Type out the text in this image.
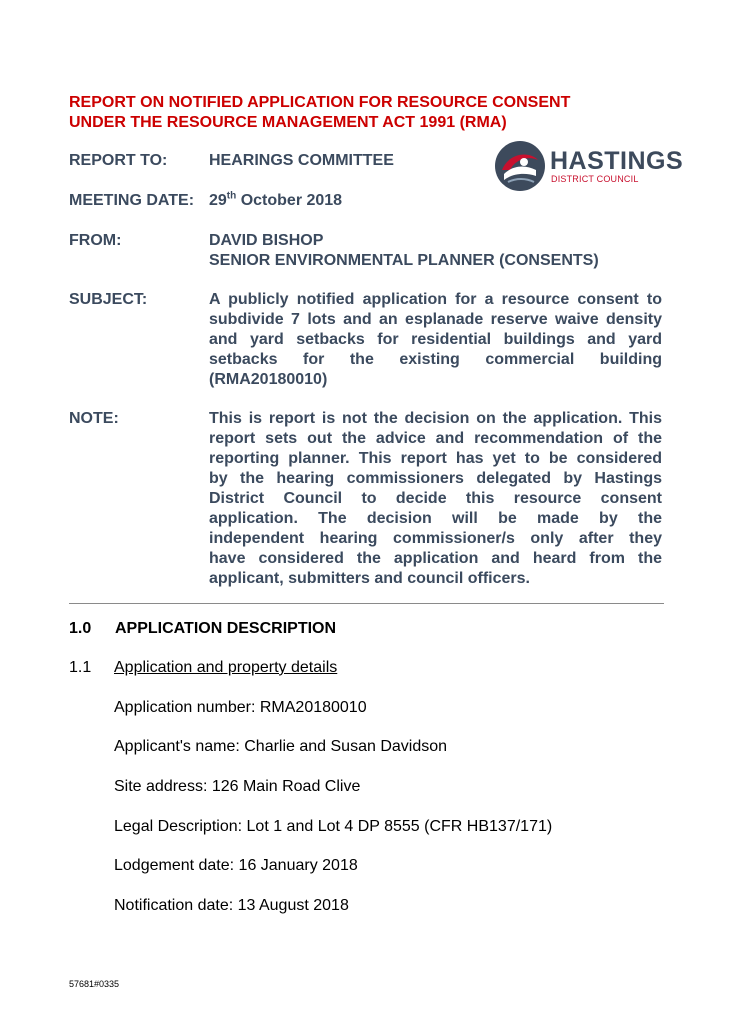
REPORT ON NOTIFIED APPLICATION FOR RESOURCE CONSENT
UNDER THE RESOURCE MANAGEMENT ACT 1991 (RMA)
HASTINGS
DISTRICT COUNCIL
REPORT TO:	HEARINGS COMMITTEE
MEETING DATE: 29th October 2018
FROM:	DAVID BISHOP
SENIOR ENVIRONMENTAL PLANNER (CONSENTS)
SUBJECT:	A publicly notified application for a resource consent to
subdivide 7 lots and an esplanade reserve waive density
and yard setbacks for residential buildings and yard
setbacks for the existing commercial building
(RMA20180010)
NOTE:	This is report is not the decision on the application. This
report sets out the advice and recommendation of the
reporting planner. This report has yet to be considered
by the hearing commissioners delegated by Hastings
District Council to decide this resource consent
application. The decision will be made by the
independent hearing commissioner/s only after they
have considered the application and heard from the
applicant, submitters and council officers.
1.0 APPLICATION DESCRIPTION
1.1 Application and property details
Application number: RMA20180010
Applicant's name: Charlie and Susan Davidson
Site address: 126 Main Road Clive
Legal Description: Lot 1 and Lot 4 DP 8555 (CFR HB137/171)
Lodgement date: 16 January 2018
Notification date: 13 August 2018
57681#0335
